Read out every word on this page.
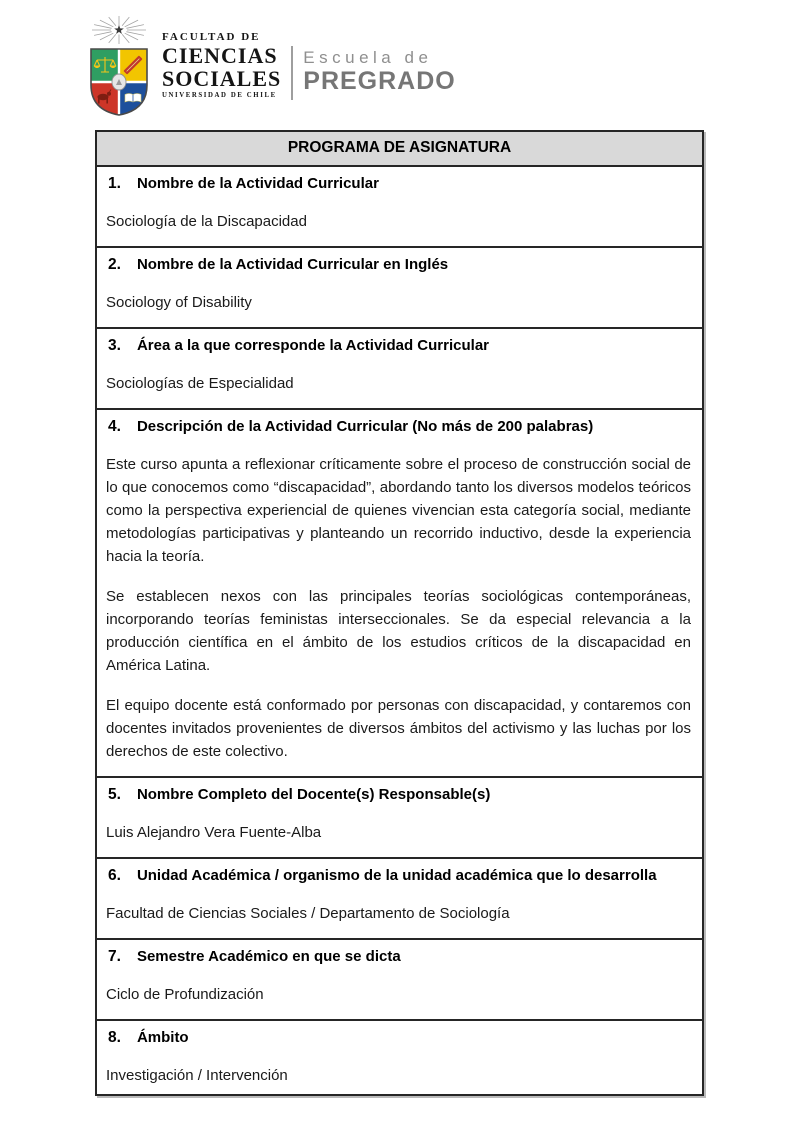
FACULTAD DE
CIENCIAS
SOCIALES
UNIVERSIDAD DE CHILE
Escuela de
PREGRADO
PROGRAMA DE ASIGNATURA
1. Nombre de la Actividad Curricular

Sociología de la Discapacidad

2. Nombre de la Actividad Curricular en Inglés

Sociology of Disability

3. Área a la que corresponde la Actividad Curricular

Sociologías de Especialidad

4. Descripción de la Actividad Curricular (No más de 200 palabras)

Este curso apunta a reflexionar críticamente sobre el proceso de construcción social de lo que conocemos como “discapacidad”, abordando tanto los diversos modelos teóricos como la perspectiva experiencial de quienes vivencian esta categoría social, mediante metodologías participativas y planteando un recorrido inductivo, desde la experiencia hacia la teoría.

Se establecen nexos con las principales teorías sociológicas contemporáneas, incorporando teorías feministas interseccionales. Se da especial relevancia a la producción científica en el ámbito de los estudios críticos de la discapacidad en América Latina.

El equipo docente está conformado por personas con discapacidad, y contaremos con docentes invitados provenientes de diversos ámbitos del activismo y las luchas por los derechos de este colectivo.

5. Nombre Completo del Docente(s) Responsable(s)

Luis Alejandro Vera Fuente-Alba

6. Unidad Académica / organismo de la unidad académica que lo desarrolla

Facultad de Ciencias Sociales / Departamento de Sociología

7. Semestre Académico en que se dicta

Ciclo de Profundización

8. Ámbito

Investigación / Intervención
